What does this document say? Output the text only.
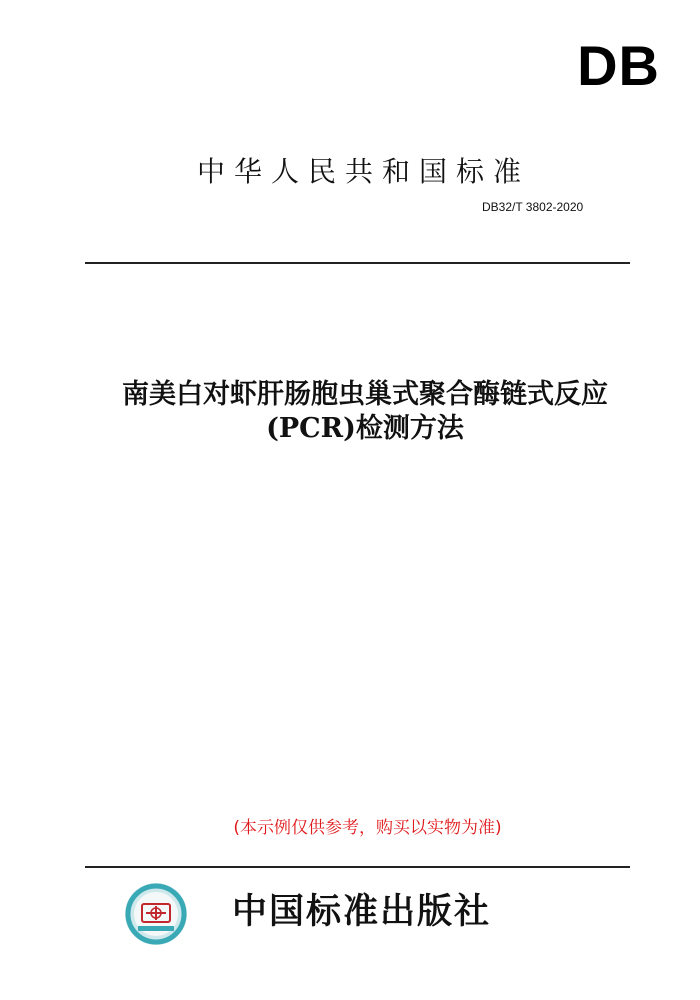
DB
中华人民共和国标准
DB32/T 3802-2020
南美白对虾肝肠胞虫巢式聚合酶链式反应
(PCR)检测方法
(本示例仅供参考，购买以实物为准)
中国标准出版社
